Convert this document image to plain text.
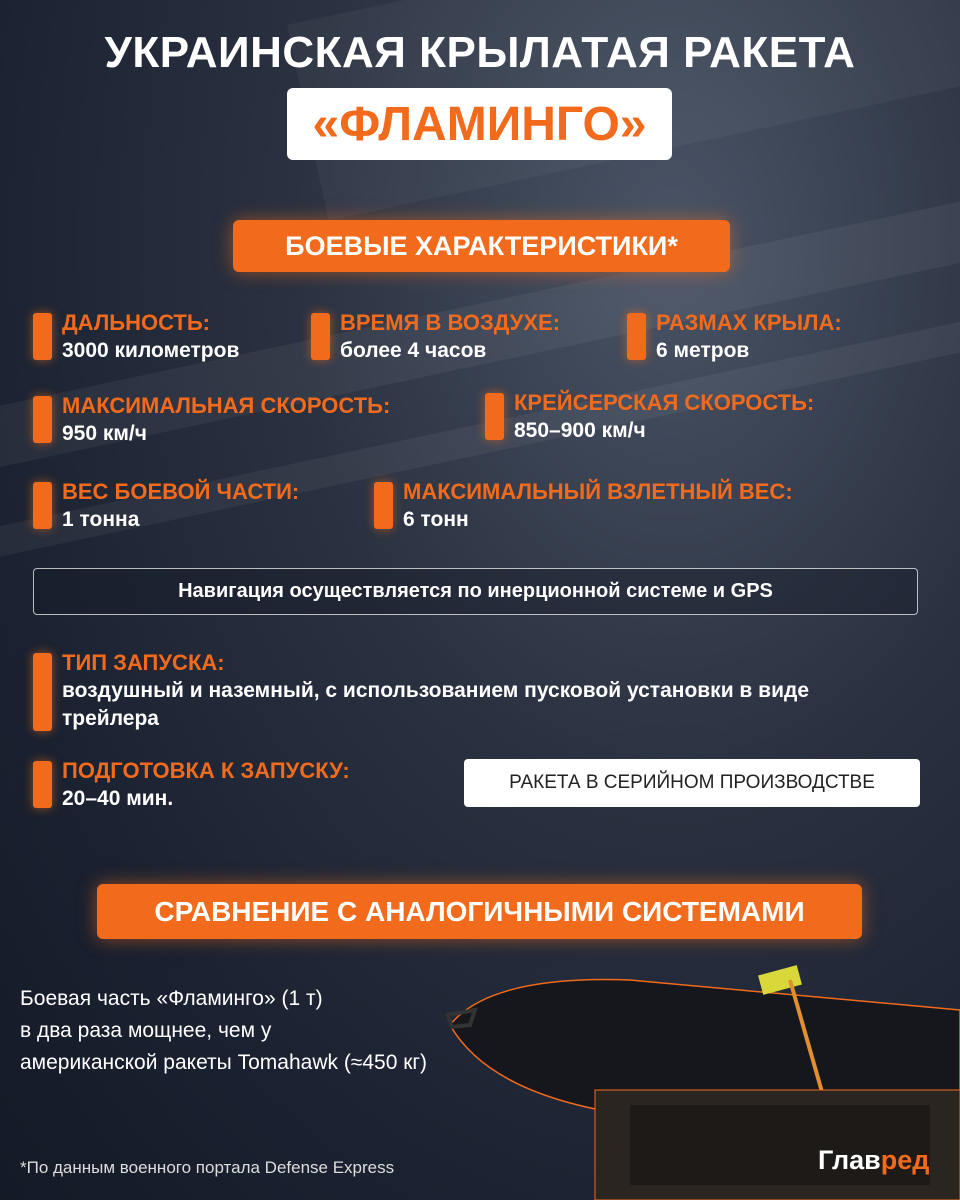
УКРАИНСКАЯ КРЫЛАТАЯ РАКЕТА
«ФЛАМИНГО»
БОЕВЫЕ ХАРАКТЕРИСТИКИ*
ДАЛЬНОСТЬ:
3000 километров
ВРЕМЯ В ВОЗДУХЕ:
более 4 часов
РАЗМАХ КРЫЛА:
6 метров
МАКСИМАЛЬНАЯ СКОРОСТЬ:
950 км/ч
КРЕЙСЕРСКАЯ СКОРОСТЬ:
850–900 км/ч
ВЕС БОЕВОЙ ЧАСТИ:
1 тонна
МАКСИМАЛЬНЫЙ ВЗЛЕТНЫЙ ВЕС:
6 тонн
Навигация осуществляется по инерционной системе и GPS
ТИП ЗАПУСКА:
воздушный и наземный, с использованием пусковой установки в виде трейлера
ПОДГОТОВКА К ЗАПУСКУ:
20–40 мин.
РАКЕТА В СЕРИЙНОМ ПРОИЗВОДСТВЕ
СРАВНЕНИЕ С АНАЛОГИЧНЫМИ СИСТЕМАМИ
Боевая часть «Фламинго» (1 т)
в два раза мощнее, чем у
американской ракеты Tomahawk (≈450 кг)
*По данным военного портала Defense Express	Главред
